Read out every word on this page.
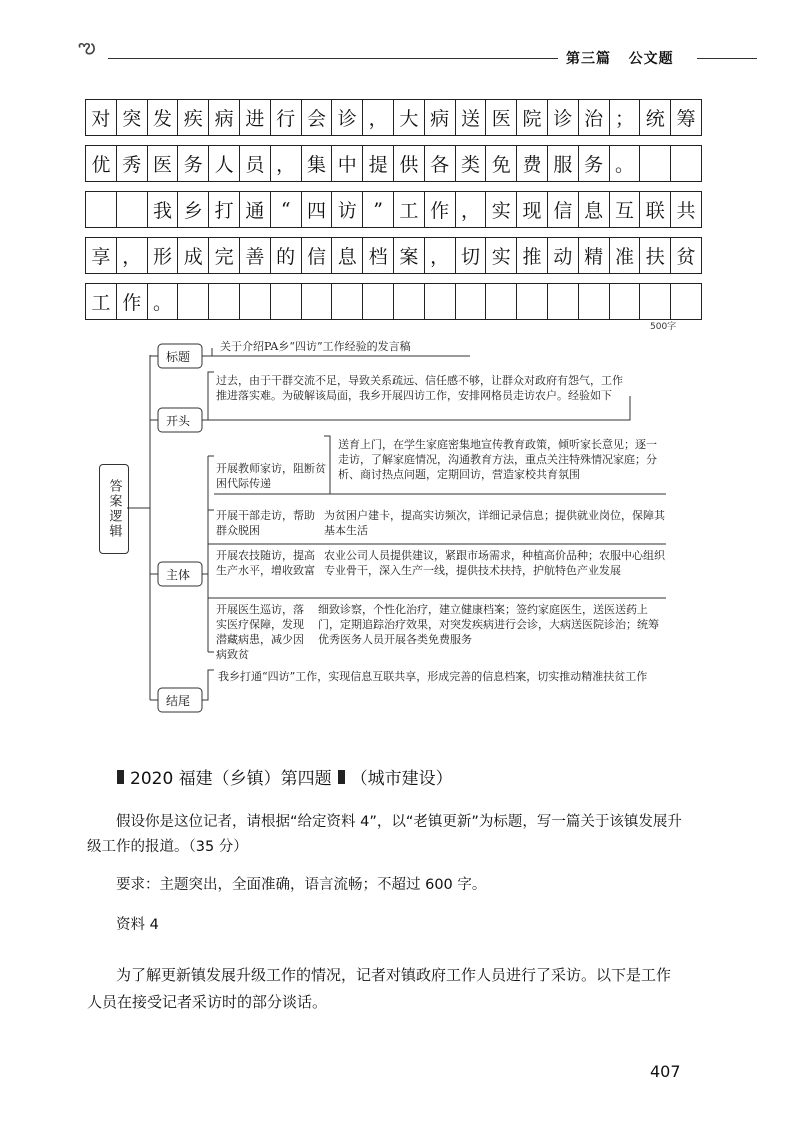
ఌ
第三篇 公文题
对 突 发 疾 病 进 行 会 诊 ， 大 病 送 医 院 诊 治 ； 统 筹
优 秀 医 务 人 员 ， 集 中 提 供 各 类 免 费 服 务 。
我 乡 打 通 “ 四 访 ” 工 作 ， 实 现 信 息 互 联 共
享 ， 形 成 完 善 的 信 息 档 案 ， 切 实 推 动 精 准 扶 贫
工 作 。
500字
答案逻辑
标题
关于介绍PA乡“四访”工作经验的发言稿
开头
过去，由于干群交流不足，导致关系疏远、信任感不够，让群众对政府有怨气，工作推进落实难。为破解该局面，我乡开展四访工作，安排网格员走访农户。经验如下
主体
开展教师家访，阻断贫困代际传递
送育上门，在学生家庭密集地宣传教育政策，倾听家长意见；逐一走访，了解家庭情况，沟通教育方法，重点关注特殊情况家庭；分析、商讨热点问题，定期回访，营造家校共育氛围
开展干部走访，帮助群众脱困
为贫困户建卡，提高实访频次，详细记录信息；提供就业岗位，保障其基本生活
开展农技随访，提高生产水平，增收致富
农业公司人员提供建议，紧跟市场需求，种植高价品种；农服中心组织专业骨干，深入生产一线，提供技术扶持，护航特色产业发展
开展医生巡访，落实医疗保障，发现潜藏病患，减少因病致贫
细致诊察，个性化治疗，建立健康档案；签约家庭医生，送医送药上门，定期追踪治疗效果，对突发疾病进行会诊，大病送医院诊治；统筹优秀医务人员开展各类免费服务
结尾
我乡打通“四访”工作，实现信息互联共享，形成完善的信息档案，切实推动精准扶贫工作
2020 福建（乡镇）第四题 （城市建设）
假设你是这位记者，请根据“给定资料 4”，以“老镇更新”为标题，写一篇关于该镇发展升级工作的报道。（35 分）
要求：主题突出，全面准确，语言流畅；不超过 600 字。
资料 4
为了解更新镇发展升级工作的情况，记者对镇政府工作人员进行了采访。以下是工作人员在接受记者采访时的部分谈话。
407
